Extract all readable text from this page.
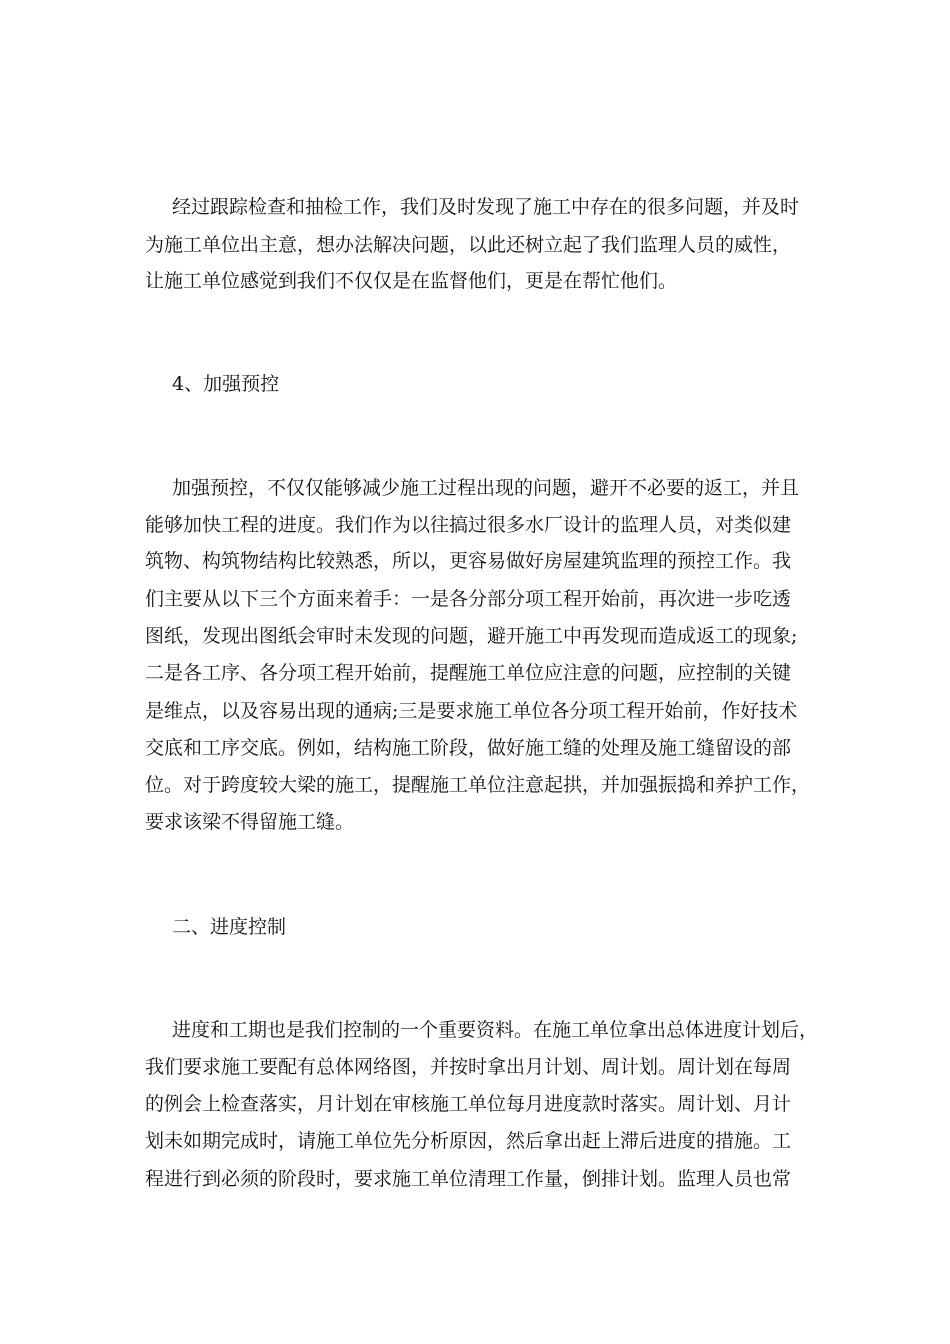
经过跟踪检查和抽检工作，我们及时发现了施工中存在的很多问题，并及时
为施工单位出主意，想办法解决问题，以此还树立起了我们监理人员的威性，
让施工单位感觉到我们不仅仅是在监督他们，更是在帮忙他们。
4、加强预控
加强预控，不仅仅能够减少施工过程出现的问题，避开不必要的返工，并且
能够加快工程的进度。我们作为以往搞过很多水厂设计的监理人员，对类似建
筑物、构筑物结构比较熟悉，所以，更容易做好房屋建筑监理的预控工作。我
们主要从以下三个方面来着手：一是各分部分项工程开始前，再次进一步吃透
图纸，发现出图纸会审时未发现的问题，避开施工中再发现而造成返工的现象;
二是各工序、各分项工程开始前，提醒施工单位应注意的问题，应控制的关键
是维点，以及容易出现的通病;三是要求施工单位各分项工程开始前，作好技术
交底和工序交底。例如，结构施工阶段，做好施工缝的处理及施工缝留设的部
位。对于跨度较大梁的施工，提醒施工单位注意起拱，并加强振捣和养护工作，
要求该梁不得留施工缝。
二、进度控制
进度和工期也是我们控制的一个重要资料。在施工单位拿出总体进度计划后，
我们要求施工要配有总体网络图，并按时拿出月计划、周计划。周计划在每周
的例会上检查落实，月计划在审核施工单位每月进度款时落实。周计划、月计
划未如期完成时，请施工单位先分析原因，然后拿出赶上滞后进度的措施。工
程进行到必须的阶段时，要求施工单位清理工作量，倒排计划。监理人员也常
